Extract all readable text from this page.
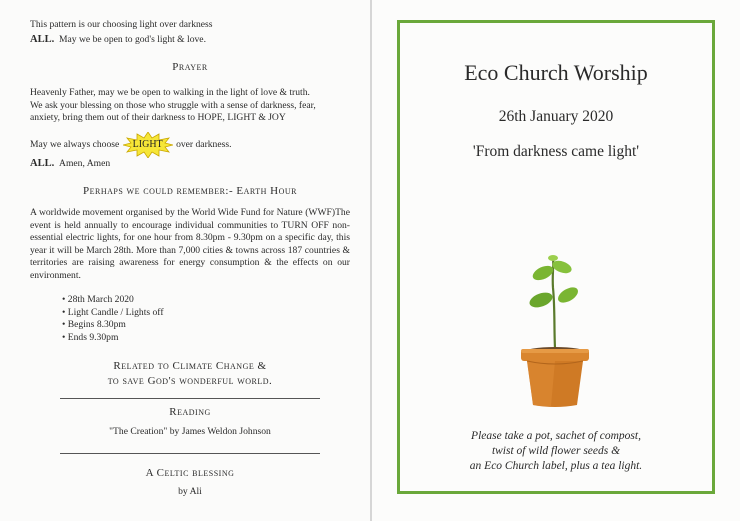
This pattern is our choosing light over darkness
ALL. May we be open to god's light & love.
Prayer
Heavenly Father, may we be open to walking in the light of love & truth.
We ask your blessing on those who struggle with a sense of darkness, fear,
anxiety, bring them out of their darkness to HOPE, LIGHT & JOY
May we always choose	LIGHT	over darkness.
ALL. Amen, Amen
Perhaps we could remember:- Earth Hour
A worldwide movement organised by the World Wide Fund for Nature (WWF)The event is held annually to encourage individual communities to TURN OFF non-essential electric lights, for one hour from 8.30pm - 9.30pm on a specific day, this year it will be March 28th. More than 7,000 cities & towns across 187 countries & territories are raising awareness for energy consumption & the effects on our environment.
• 28th March 2020
• Light Candle / Lights off
• Begins 8.30pm
• Ends 9.30pm
Related to Climate Change &
to save God's wonderful world.
Reading
"The Creation" by James Weldon Johnson
A Celtic blessing
by Ali
Eco Church Worship
26th January 2020
'From darkness came light'
Please take a pot, sachet of compost,
twist of wild flower seeds &
an Eco Church label, plus a tea light.
